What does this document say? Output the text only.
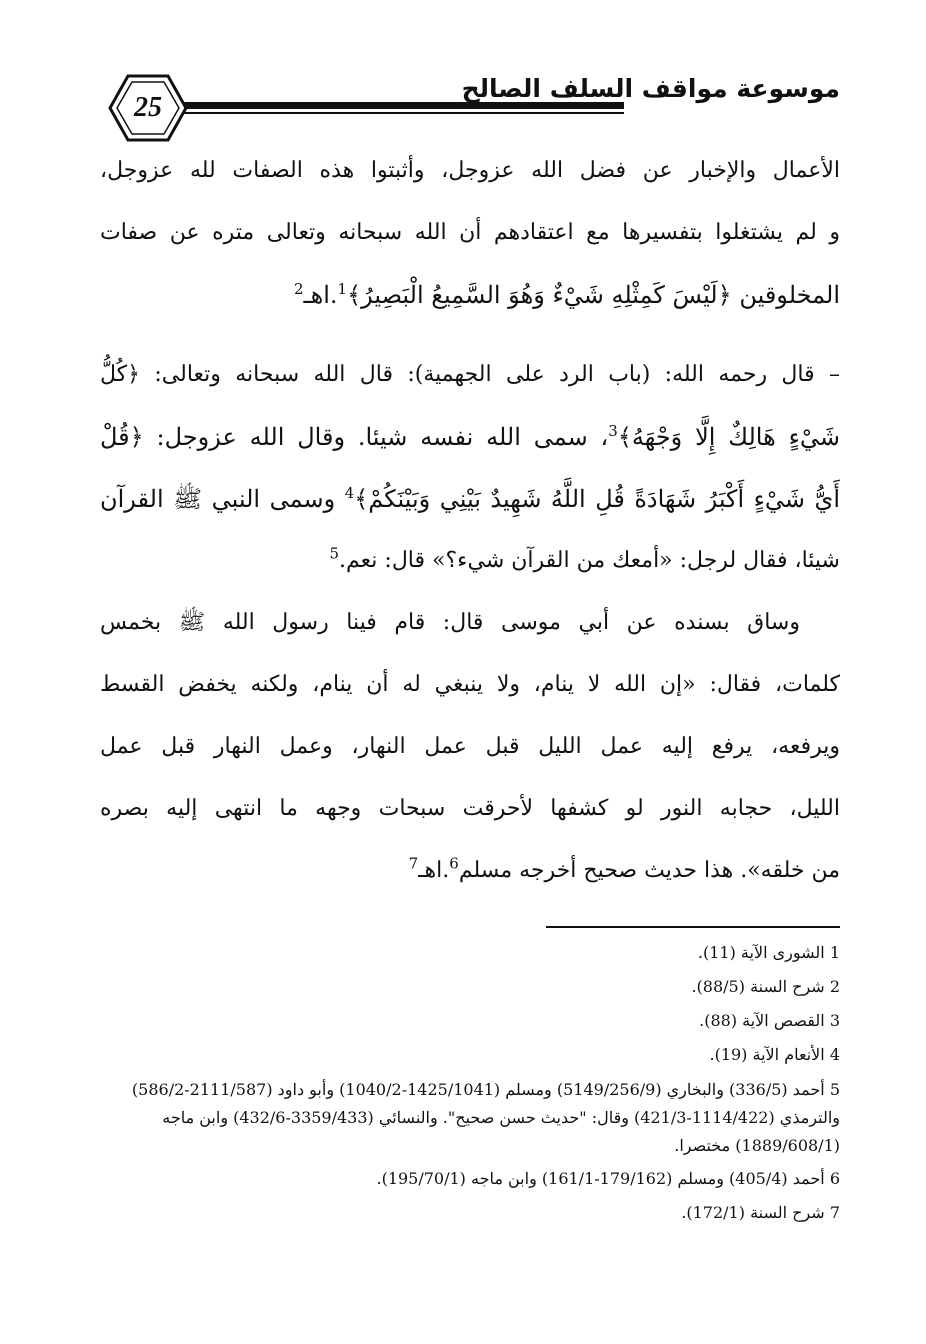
25
موسوعة مواقف السلف الصالح
الأعمال والإخبار عن فضل الله عزوجل، وأثبتوا هذه الصفات لله عزوجل،
و لم يشتغلوا بتفسيرها مع اعتقادهم أن الله سبحانه وتعالى متره عن صفات
المخلوقين ﴿لَيْسَ كَمِثْلِهِ شَيْءٌ وَهُوَ السَّمِيعُ الْبَصِيرُ﴾$^1$.اهـ$^2$
– قال رحمه الله: (باب الرد على الجهمية): قال الله سبحانه وتعالى: ﴿كُلُّ
شَيْءٍ هَالِكٌ إِلَّا وَجْهَهُ﴾$^3$، سمى الله نفسه شيئا. وقال الله عزوجل: ﴿قُلْ
أَيُّ شَيْءٍ أَكْبَرُ شَهَادَةً قُلِ اللَّهُ شَهِيدٌ بَيْنِي وَبَيْنَكُمْ﴾$^4$ وسمى النبي ﷺ القرآن
شيئا، فقال لرجل: «أمعك من القرآن شيء؟» قال: نعم.$^5$
وساق بسنده عن أبي موسى قال: قام فينا رسول الله ﷺ بخمس
كلمات، فقال: «إن الله لا ينام، ولا ينبغي له أن ينام، ولكنه يخفض القسط
ويرفعه، يرفع إليه عمل الليل قبل عمل النهار، وعمل النهار قبل عمل
الليل، حجابه النور لو كشفها لأحرقت سبحات وجهه ما انتهى إليه بصره
من خلقه». هذا حديث صحيح أخرجه مسلم$^6$.اهـ$^7$
1 الشورى الآية (11).
2 شرح السنة (88/5).
3 القصص الآية (88).
4 الأنعام الآية (19).
5 أحمد (336/5) والبخاري (5149/256/9) ومسلم (1425/1041-1040/2) وأبو داود (2111/587-586/2) والترمذي (1114/422-421/3) وقال: "حديث حسن صحيح". والنسائي (3359/433-432/6) وابن ماجه (1889/608/1) مختصرا.
6 أحمد (405/4) ومسلم (179/162-161/1) وابن ماجه (195/70/1).
7 شرح السنة (172/1).
